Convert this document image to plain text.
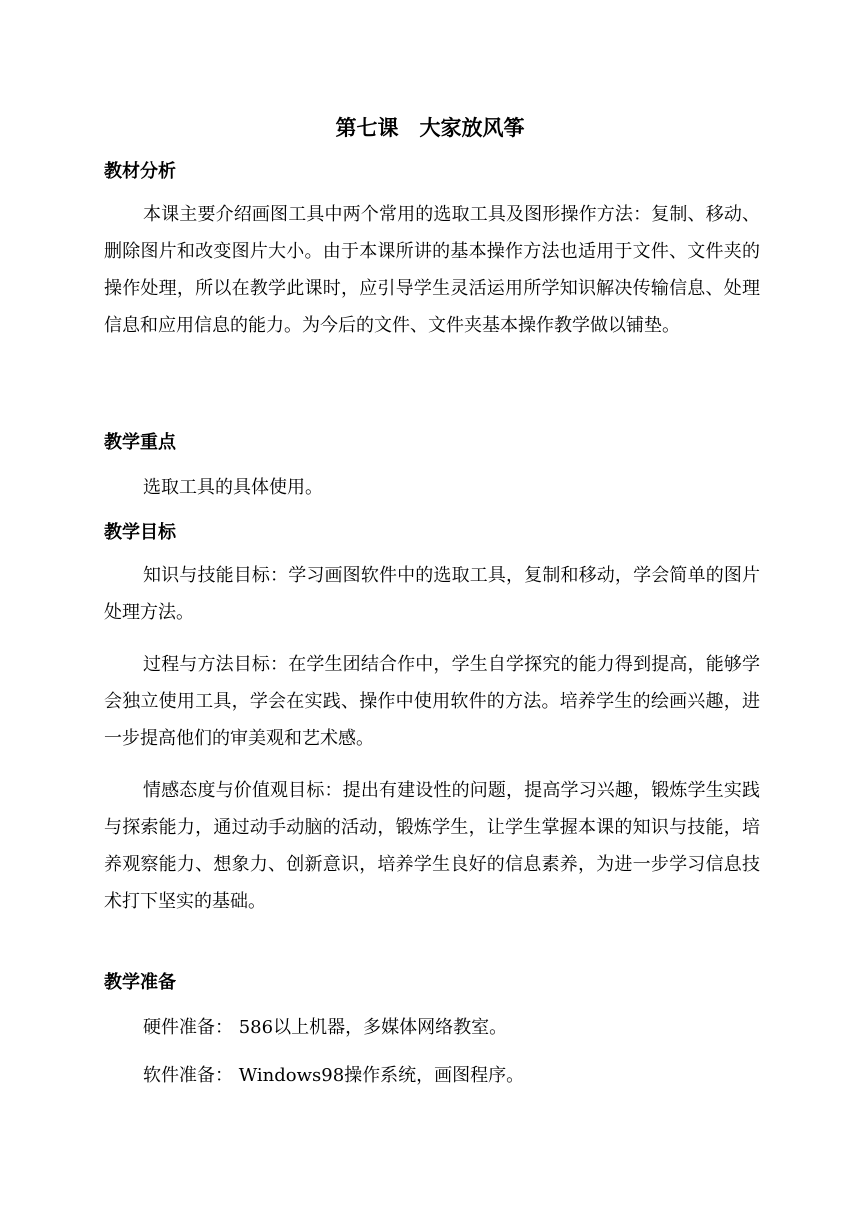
第七课　大家放风筝
教材分析

本课主要介绍画图工具中两个常用的选取工具及图形操作方法：复制、移动、删除图片和改变图片大小。由于本课所讲的基本操作方法也适用于文件、文件夹的操作处理，所以在教学此课时，应引导学生灵活运用所学知识解决传输信息、处理信息和应用信息的能力。为今后的文件、文件夹基本操作教学做以铺垫。

教学重点

选取工具的具体使用。

教学目标

知识与技能目标：学习画图软件中的选取工具，复制和移动，学会简单的图片处理方法。

过程与方法目标：在学生团结合作中，学生自学探究的能力得到提高，能够学会独立使用工具，学会在实践、操作中使用软件的方法。培养学生的绘画兴趣，进一步提高他们的审美观和艺术感。

情感态度与价值观目标：提出有建设性的问题，提高学习兴趣，锻炼学生实践与探索能力，通过动手动脑的活动，锻炼学生，让学生掌握本课的知识与技能，培养观察能力、想象力、创新意识，培养学生良好的信息素养，为进一步学习信息技术打下坚实的基础。

教学准备

硬件准备： 586以上机器，多媒体网络教室。

软件准备： Windows98操作系统，画图程序。
